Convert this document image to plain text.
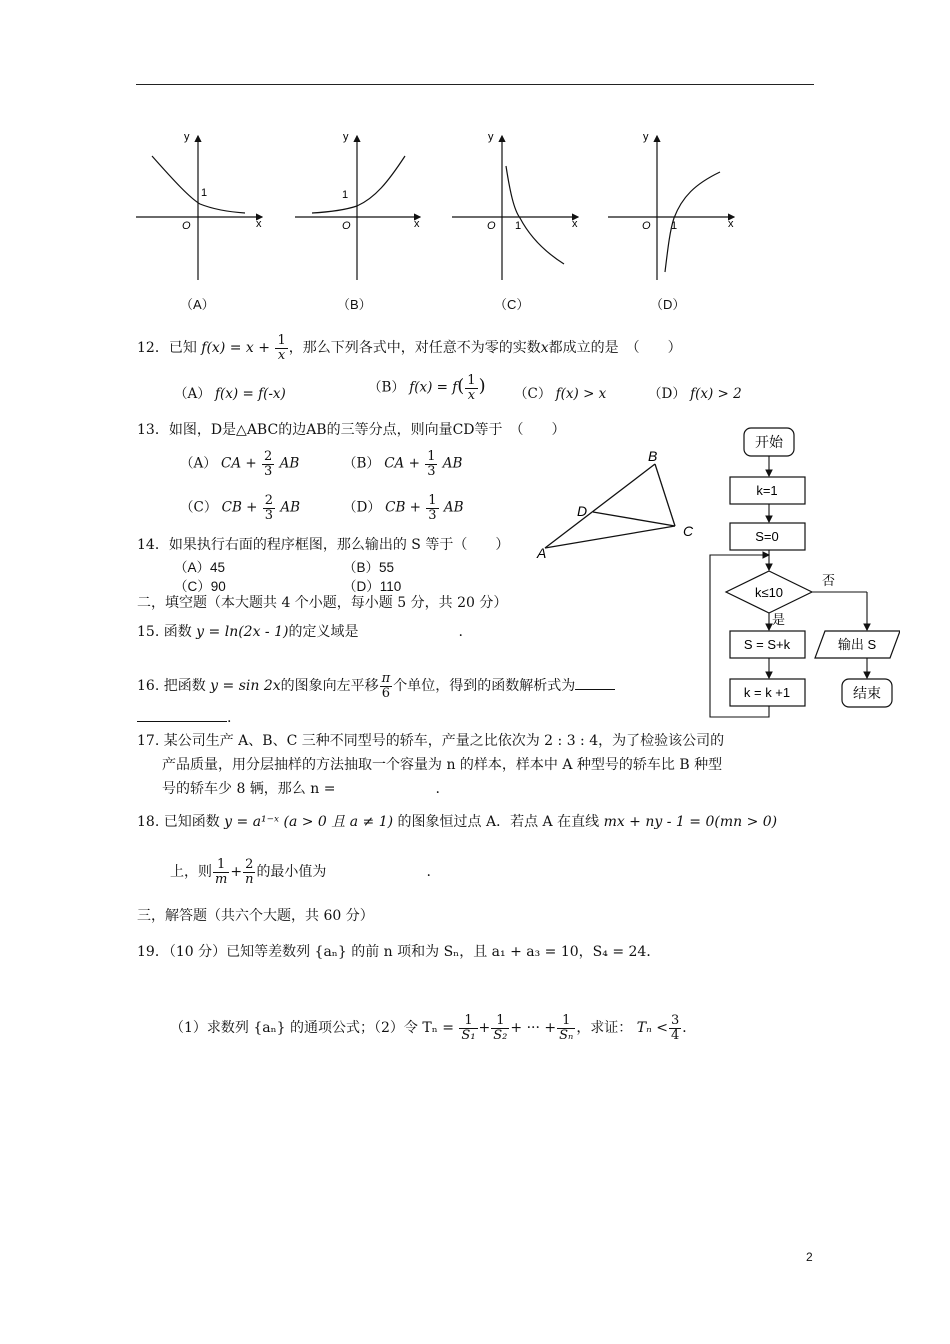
y
x
O
1
y
x
O
1
y
x
O 1
y
x
O 1
（A）	（B）	（C）	（D）
12．已知 $f(x) = x + \frac{1}{x}$ ，那么下列各式中，对任意不为零的实数x都成立的是　（　　）
（A） f(x) = f(-x)	（B） $f(x) = f( \frac{1}{x}$ ) （C） f(x) > x	（D） f(x) > 2
13．如图，D是△ABC的边AB的三等分点，则向量CD等于　（　　）
（A） CA + $\frac{2}{3}$ AB	（B） CA + $\frac{1}{3}$ AB
（C） CB + $\frac{2}{3}$ AB	（D） CB + $\frac{1}{3}$ AB
A
B
C
D
14．如果执行右面的程序框图，那么输出的 S 等于（　　）
（A）45	（B）55
（C）90	（D）110
开始
k=1
S=0
k≤10
是
否
S = S+k
k = k +1
输出 S
结束
二，填空题（本大题共 4 个小题，每小题 5 分，共 20 分）
15. 函数 y = ln(2x - 1)的定义域是	.
16. 把函数 y = sin 2x的图象向左平移 $\frac{\pi}{6}$ 个单位，得到的函数解析式为
.
17. 某公司生产 A、B、C 三种不同型号的轿车，产量之比依次为 2 : 3 : 4，为了检验该公司的
产品质量，用分层抽样的方法抽取一个容量为 n 的样本，样本中 A 种型号的轿车比 B 种型
号的轿车少 8 辆，那么 n =	.
18. 已知函数 y = a¹⁻ˣ (a > 0 且 a ≠ 1) 的图象恒过点 A．若点 A 在直线 mx + ny - 1 = 0(mn > 0)
上，则 $\frac{1}{m} + \frac{2}{n}$ 的最小值为	.
三，解答题（共六个大题，共 60 分）
19．（10 分）已知等差数列 {aₙ} 的前 n 项和为 Sₙ，且 a₁ + a₃ = 10，S₄ = 24．
（1）求数列 {aₙ} 的通项公式；（2）令 $T_n = \frac{1}{\text{S₁}} + \frac{1}{\text{S₂}}$ + ··· + $\frac{1}{\text{Sₙ}}$ ，求证： $T_n < \frac{3}{4}$ ．
2
